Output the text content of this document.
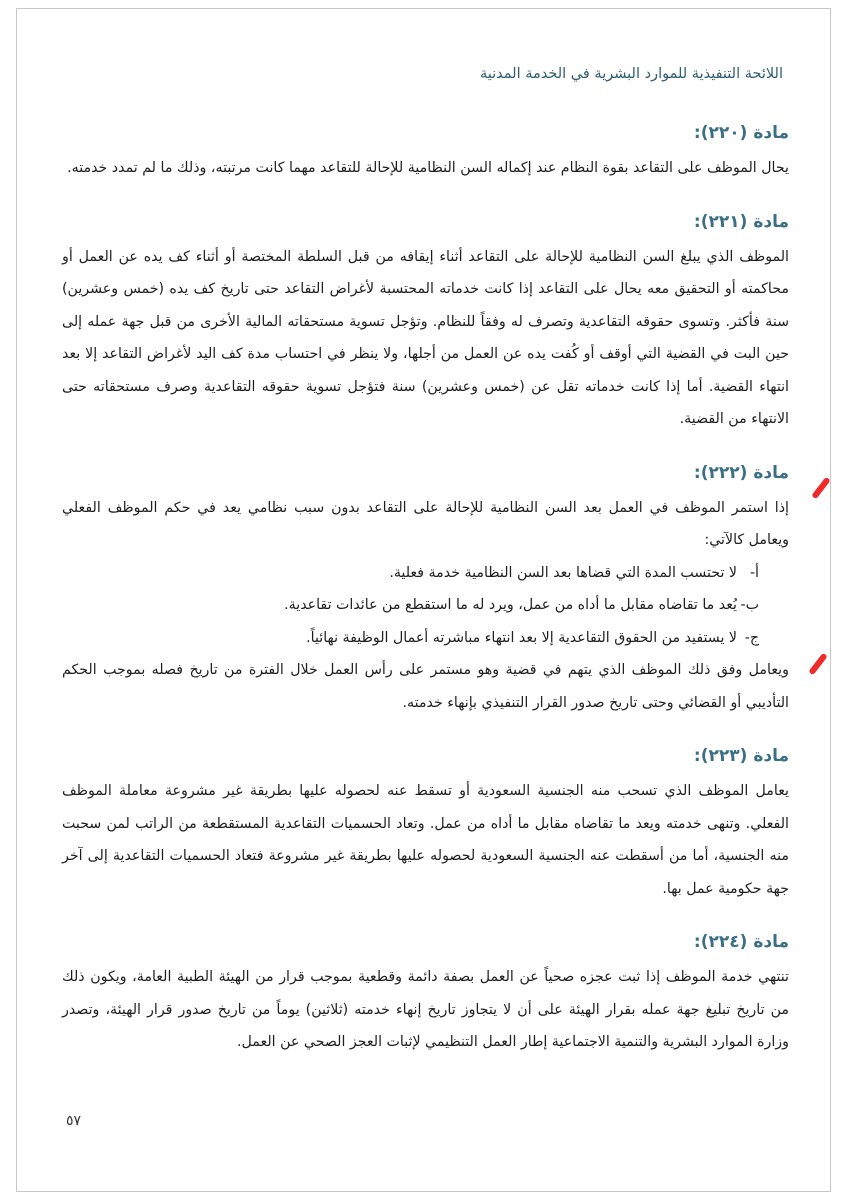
اللائحة التنفيذية للموارد البشرية في الخدمة المدنية
مادة (٢٢٠):

يحال الموظف على التقاعد بقوة النظام عند إكماله السن النظامية للإحالة للتقاعد مهما كانت مرتبته، وذلك ما لم تمدد خدمته.

مادة (٢٢١):

الموظف الذي يبلغ السن النظامية للإحالة على التقاعد أثناء إيقافه من قبل السلطة المختصة أو أثناء كف يده عن العمل أو محاكمته أو التحقيق معه يحال على التقاعد إذا كانت خدماته المحتسبة لأغراض التقاعد حتى تاريخ كف يده (خمس وعشرين) سنة فأكثر. وتسوى حقوقه التقاعدية وتصرف له وفقاً للنظام. وتؤجل تسوية مستحقاته المالية الأخرى من قبل جهة عمله إلى حين البت في القضية التي أوقف أو كُفت يده عن العمل من أجلها، ولا ينظر في احتساب مدة كف اليد لأغراض التقاعد إلا بعد انتهاء القضية. أما إذا كانت خدماته تقل عن (خمس وعشرين) سنة فتؤجل تسوية حقوقه التقاعدية وصرف مستحقاته حتى الانتهاء من القضية.

مادة (٢٢٢):

إذا استمر الموظف في العمل بعد السن النظامية للإحالة على التقاعد بدون سبب نظامي يعد في حكم الموظف الفعلي ويعامل كالآتي:

أ-
لا تحتسب المدة التي قضاها بعد السن النظامية خدمة فعلية.
ب-
يُعد ما تقاضاه مقابل ما أداه من عمل، ويرد له ما استقطع من عائدات تقاعدية.
ج-
لا يستفيد من الحقوق التقاعدية إلا بعد انتهاء مباشرته أعمال الوظيفة نهائياً.

ويعامل وفق ذلك الموظف الذي يتهم في قضية وهو مستمر على رأس العمل خلال الفترة من تاريخ فصله بموجب الحكم التأديبي أو القضائي وحتى تاريخ صدور القرار التنفيذي بإنهاء خدمته.

مادة (٢٢٣):

يعامل الموظف الذي تسحب منه الجنسية السعودية أو تسقط عنه لحصوله عليها بطريقة غير مشروعة معاملة الموظف الفعلي. وتنهى خدمته ويعد ما تقاضاه مقابل ما أداه من عمل. وتعاد الحسميات التقاعدية المستقطعة من الراتب لمن سحبت منه الجنسية، أما من أسقطت عنه الجنسية السعودية لحصوله عليها بطريقة غير مشروعة فتعاد الحسميات التقاعدية إلى آخر جهة حكومية عمل بها.

مادة (٢٢٤):

تنتهي خدمة الموظف إذا ثبت عجزه صحياً عن العمل بصفة دائمة وقطعية بموجب قرار من الهيئة الطبية العامة، ويكون ذلك من تاريخ تبليغ جهة عمله بقرار الهيئة على أن لا يتجاوز تاريخ إنهاء خدمته (ثلاثين) يوماً من تاريخ صدور قرار الهيئة، وتصدر وزارة الموارد البشرية والتنمية الاجتماعية إطار العمل التنظيمي لإثبات العجز الصحي عن العمل.

٥٧
